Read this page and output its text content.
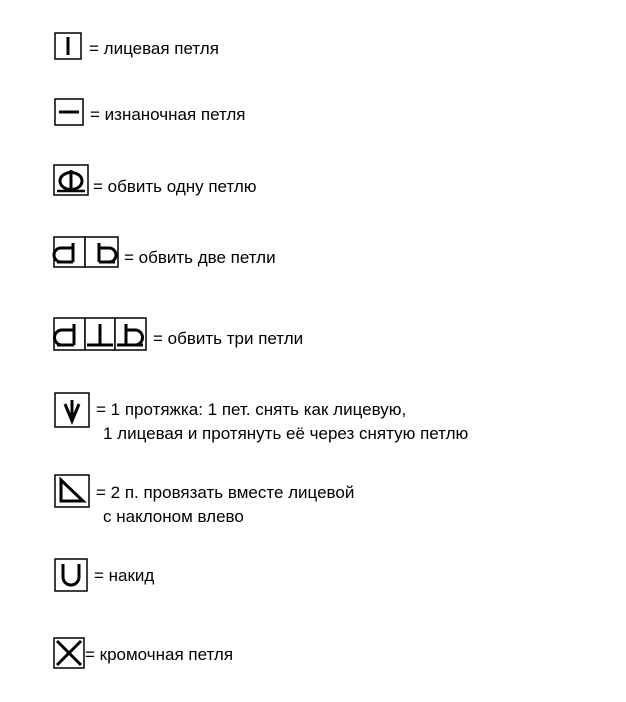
= лицевая петля
= изнаночная петля
= обвить одну петлю
= обвить две петли
= обвить три петли
= 1 протяжка: 1 пет. снять как лицевую,
1 лицевая и протянуть её через снятую петлю
= 2 п. провязать вместе лицевой
с наклоном влево
= накид
= кромочная петля
